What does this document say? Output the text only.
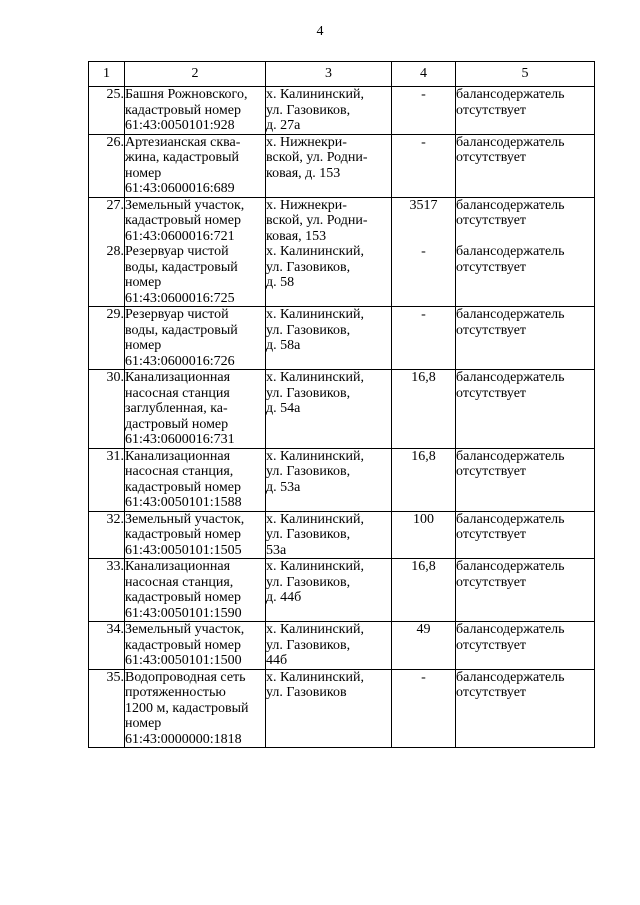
4
1	2	3	4	5
25.	Башня Рожновского,
кадастровый номер
61:43:0050101:928	х. Калининский,
ул. Газовиков,
д. 27а	-	балансодержатель
отсутствует
26.	Артезианская сква-
жина, кадастровый
номер
61:43:0600016:689	х. Нижнекри-
вской, ул. Родни-
ковая, д. 153	-	балансодержатель
отсутствует
27.	Земельный участок,
кадастровый номер
61:43:0600016:721	х. Нижнекри-
вской, ул. Родни-
ковая, 153	3517	балансодержатель
отсутствует
28.	Резервуар чистой
воды, кадастровый
номер
61:43:0600016:725	х. Калининский,
ул. Газовиков,
д. 58	-	балансодержатель
отсутствует
29.	Резервуар чистой
воды, кадастровый
номер
61:43:0600016:726	х. Калининский,
ул. Газовиков,
д. 58а	-	балансодержатель
отсутствует
30.	Канализационная
насосная станция
заглубленная, ка-
дастровый номер
61:43:0600016:731	х. Калининский,
ул. Газовиков,
д. 54а	16,8	балансодержатель
отсутствует
31.	Канализационная
насосная станция,
кадастровый номер
61:43:0050101:1588	х. Калининский,
ул. Газовиков,
д. 53а	16,8	балансодержатель
отсутствует
32.	Земельный участок,
кадастровый номер
61:43:0050101:1505	х. Калининский,
ул. Газовиков,
53а	100	балансодержатель
отсутствует
33.	Канализационная
насосная станция,
кадастровый номер
61:43:0050101:1590	х. Калининский,
ул. Газовиков,
д. 44б	16,8	балансодержатель
отсутствует
34.	Земельный участок,
кадастровый номер
61:43:0050101:1500	х. Калининский,
ул. Газовиков,
44б	49	балансодержатель
отсутствует
35.	Водопроводная сеть
протяженностью
1200 м, кадастровый
номер
61:43:0000000:1818	х. Калининский,
ул. Газовиков	-	балансодержатель
отсутствует
